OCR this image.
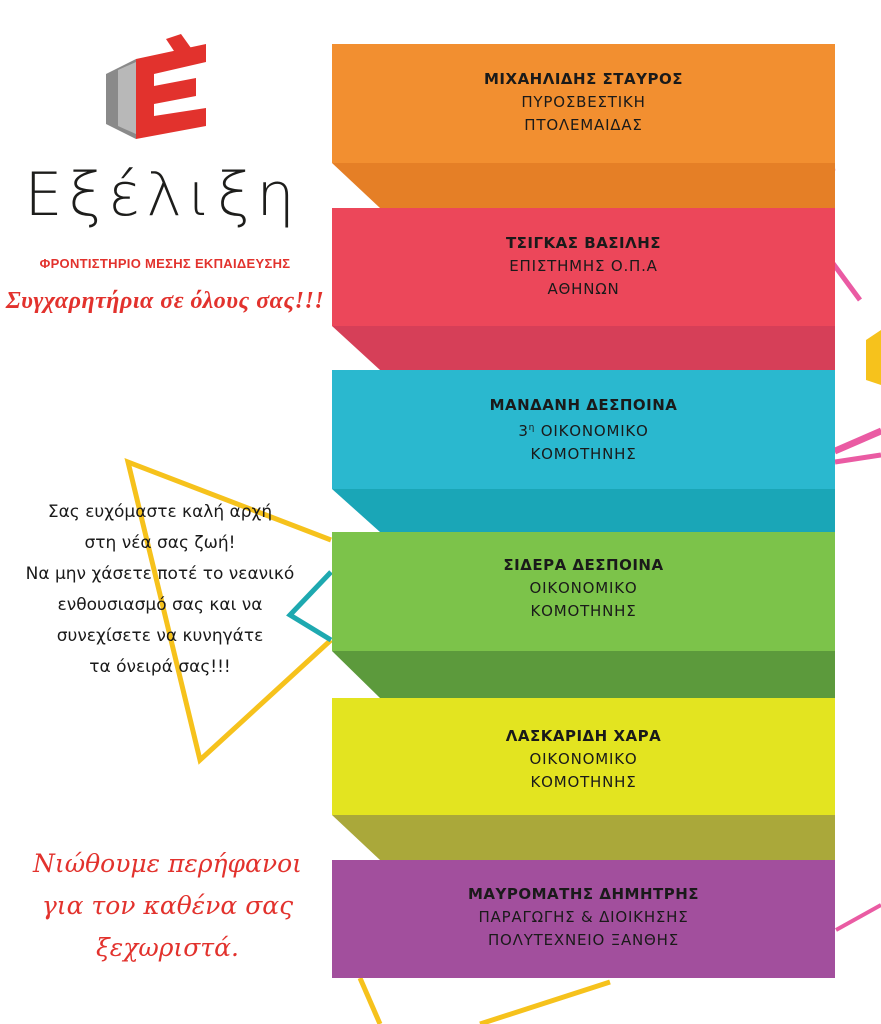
Εξέλιξη
ΦΡΟΝΤΙΣΤΗΡΙΟ ΜΕΣΗΣ ΕΚΠΑΙΔΕΥΣΗΣ
Συγχαρητήρια σε όλους σας!!!
Σας ευχόμαστε καλή αρχή
στη νέα σας ζωή!
Να μην χάσετε ποτέ το νεανικό
ενθουσιασμό σας και να
συνεχίσετε να κυνηγάτε
τα όνειρά σας!!!
Νιώθουμε περήφανοι
για τον καθένα σας
ξεχωριστά.
ΜΙΧΑΗΛΙΔΗΣ ΣΤΑΥΡΟΣ
ΠΥΡΟΣΒΕΣΤΙΚΗ
ΠΤΟΛΕΜΑΙΔΑΣ
ΤΣΙΓΚΑΣ ΒΑΣΙΛΗΣ
ΕΠΙΣΤΗΜΗΣ Ο.Π.Α
ΑΘΗΝΩΝ
ΜΑΝΔΑΝΗ ΔΕΣΠΟΙΝΑ
$3^\eta$ ΟΙΚΟΝΟΜΙΚΟ
ΚΟΜΟΤΗΝΗΣ
ΣΙΔΕΡΑ ΔΕΣΠΟΙΝΑ
ΟΙΚΟΝΟΜΙΚΟ
ΚΟΜΟΤΗΝΗΣ
ΛΑΣΚΑΡΙΔΗ ΧΑΡΑ
ΟΙΚΟΝΟΜΙΚΟ
ΚΟΜΟΤΗΝΗΣ
ΜΑΥΡΟΜΑΤΗΣ ΔΗΜΗΤΡΗΣ
ΠΑΡΑΓΩΓΗΣ & ΔΙΟΙΚΗΣΗΣ
ΠΟΛΥΤΕΧΝΕΙΟ ΞΑΝΘΗΣ
